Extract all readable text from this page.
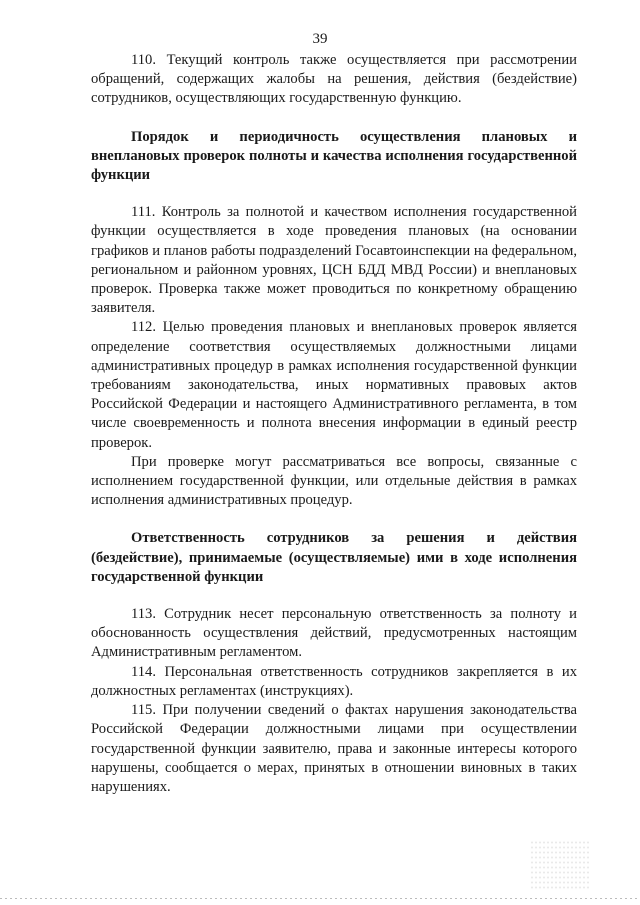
39

110. Текущий контроль также осуществляется при рассмотрении обращений, содержащих жалобы на решения, действия (бездействие) сотрудников, осуществляющих государственную функцию.

Порядок и периодичность осуществления плановых и внеплановых проверок полноты и качества исполнения государственной функции

111. Контроль за полнотой и качеством исполнения государственной функции осуществляется в ходе проведения плановых (на основании графиков и планов работы подразделений Госавтоинспекции на федеральном, региональном и районном уровнях, ЦСН БДД МВД России) и внеплановых проверок. Проверка также может проводиться по конкретному обращению заявителя.

112. Целью проведения плановых и внеплановых проверок является определение соответствия осуществляемых должностными лицами административных процедур в рамках исполнения государственной функции требованиям законодательства, иных нормативных правовых актов Российской Федерации и настоящего Административного регламента, в том числе своевременность и полнота внесения информации в единый реестр проверок.

При проверке могут рассматриваться все вопросы, связанные с исполнением государственной функции, или отдельные действия в рамках исполнения административных процедур.

Ответственность сотрудников за решения и действия (бездействие), принимаемые (осуществляемые) ими в ходе исполнения государственной функции

113. Сотрудник несет персональную ответственность за полноту и обоснованность осуществления действий, предусмотренных настоящим Административным регламентом.

114. Персональная ответственность сотрудников закрепляется в их должностных регламентах (инструкциях).

115. При получении сведений о фактах нарушения законодательства Российской Федерации должностными лицами при осуществлении государственной функции заявителю, права и законные интересы которого нарушены, сообщается о мерах, принятых в отношении виновных в таких нарушениях.
